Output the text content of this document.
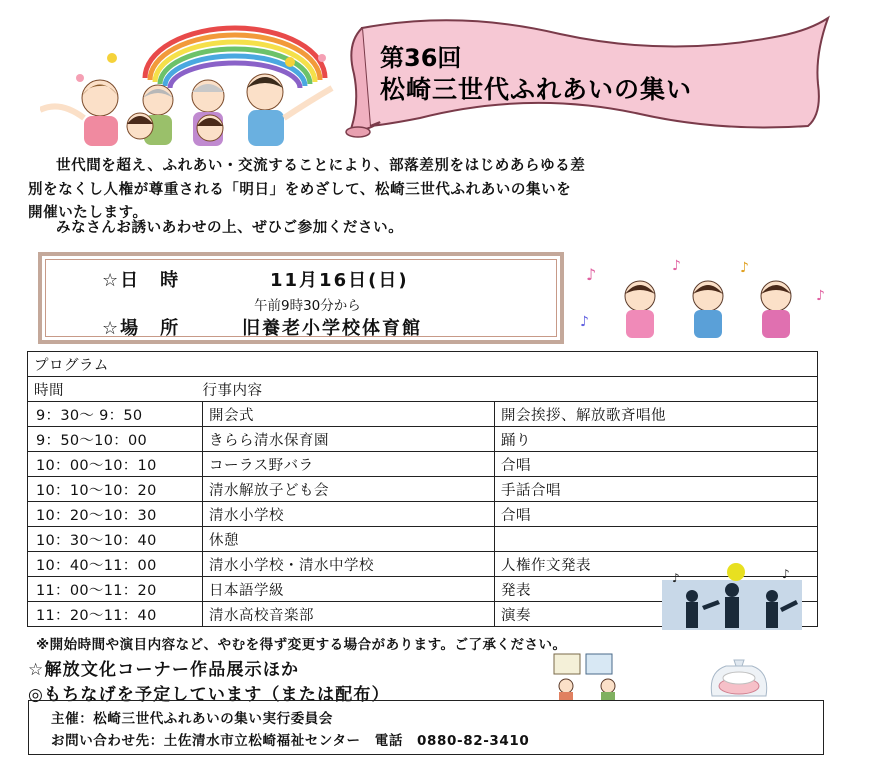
第36回
松崎三世代ふれあいの集い
世代間を超え、ふれあい・交流することにより、部落差別をはじめあらゆる差
別をなくし人権が尊重される「明日」をめざして、松崎三世代ふれあいの集いを
開催いたします。
みなさんお誘いあわせの上、ぜひご参加ください。
☆日　時	11月16日(日)
午前9時30分から
☆場　所	旧養老小学校体育館
♪	♪	♪
♪
♪
プログラム		
時間	行事内容	
9：30～ 9：50	開会式	開会挨拶、解放歌斉唱他
9：50～10：00	きらら清水保育園	踊り
10：00～10：10	コーラス野バラ	合唱
10：10～10：20	清水解放子ども会	手話合唱
10：20～10：30	清水小学校	合唱
10：30～10：40	休憩	
10：40～11：00	清水小学校・清水中学校	人権作文発表
11：00～11：20	日本語学級	発表
11：20～11：40	清水高校音楽部	演奏
♪	♪
※開始時間や演目内容など、やむを得ず変更する場合があります。ご了承ください。
☆解放文化コーナー作品展示ほか
◎もちなげを予定しています（または配布）
主催：松崎三世代ふれあいの集い実行委員会
お問い合わせ先：土佐清水市立松崎福祉センター　電話　0880-82-3410
